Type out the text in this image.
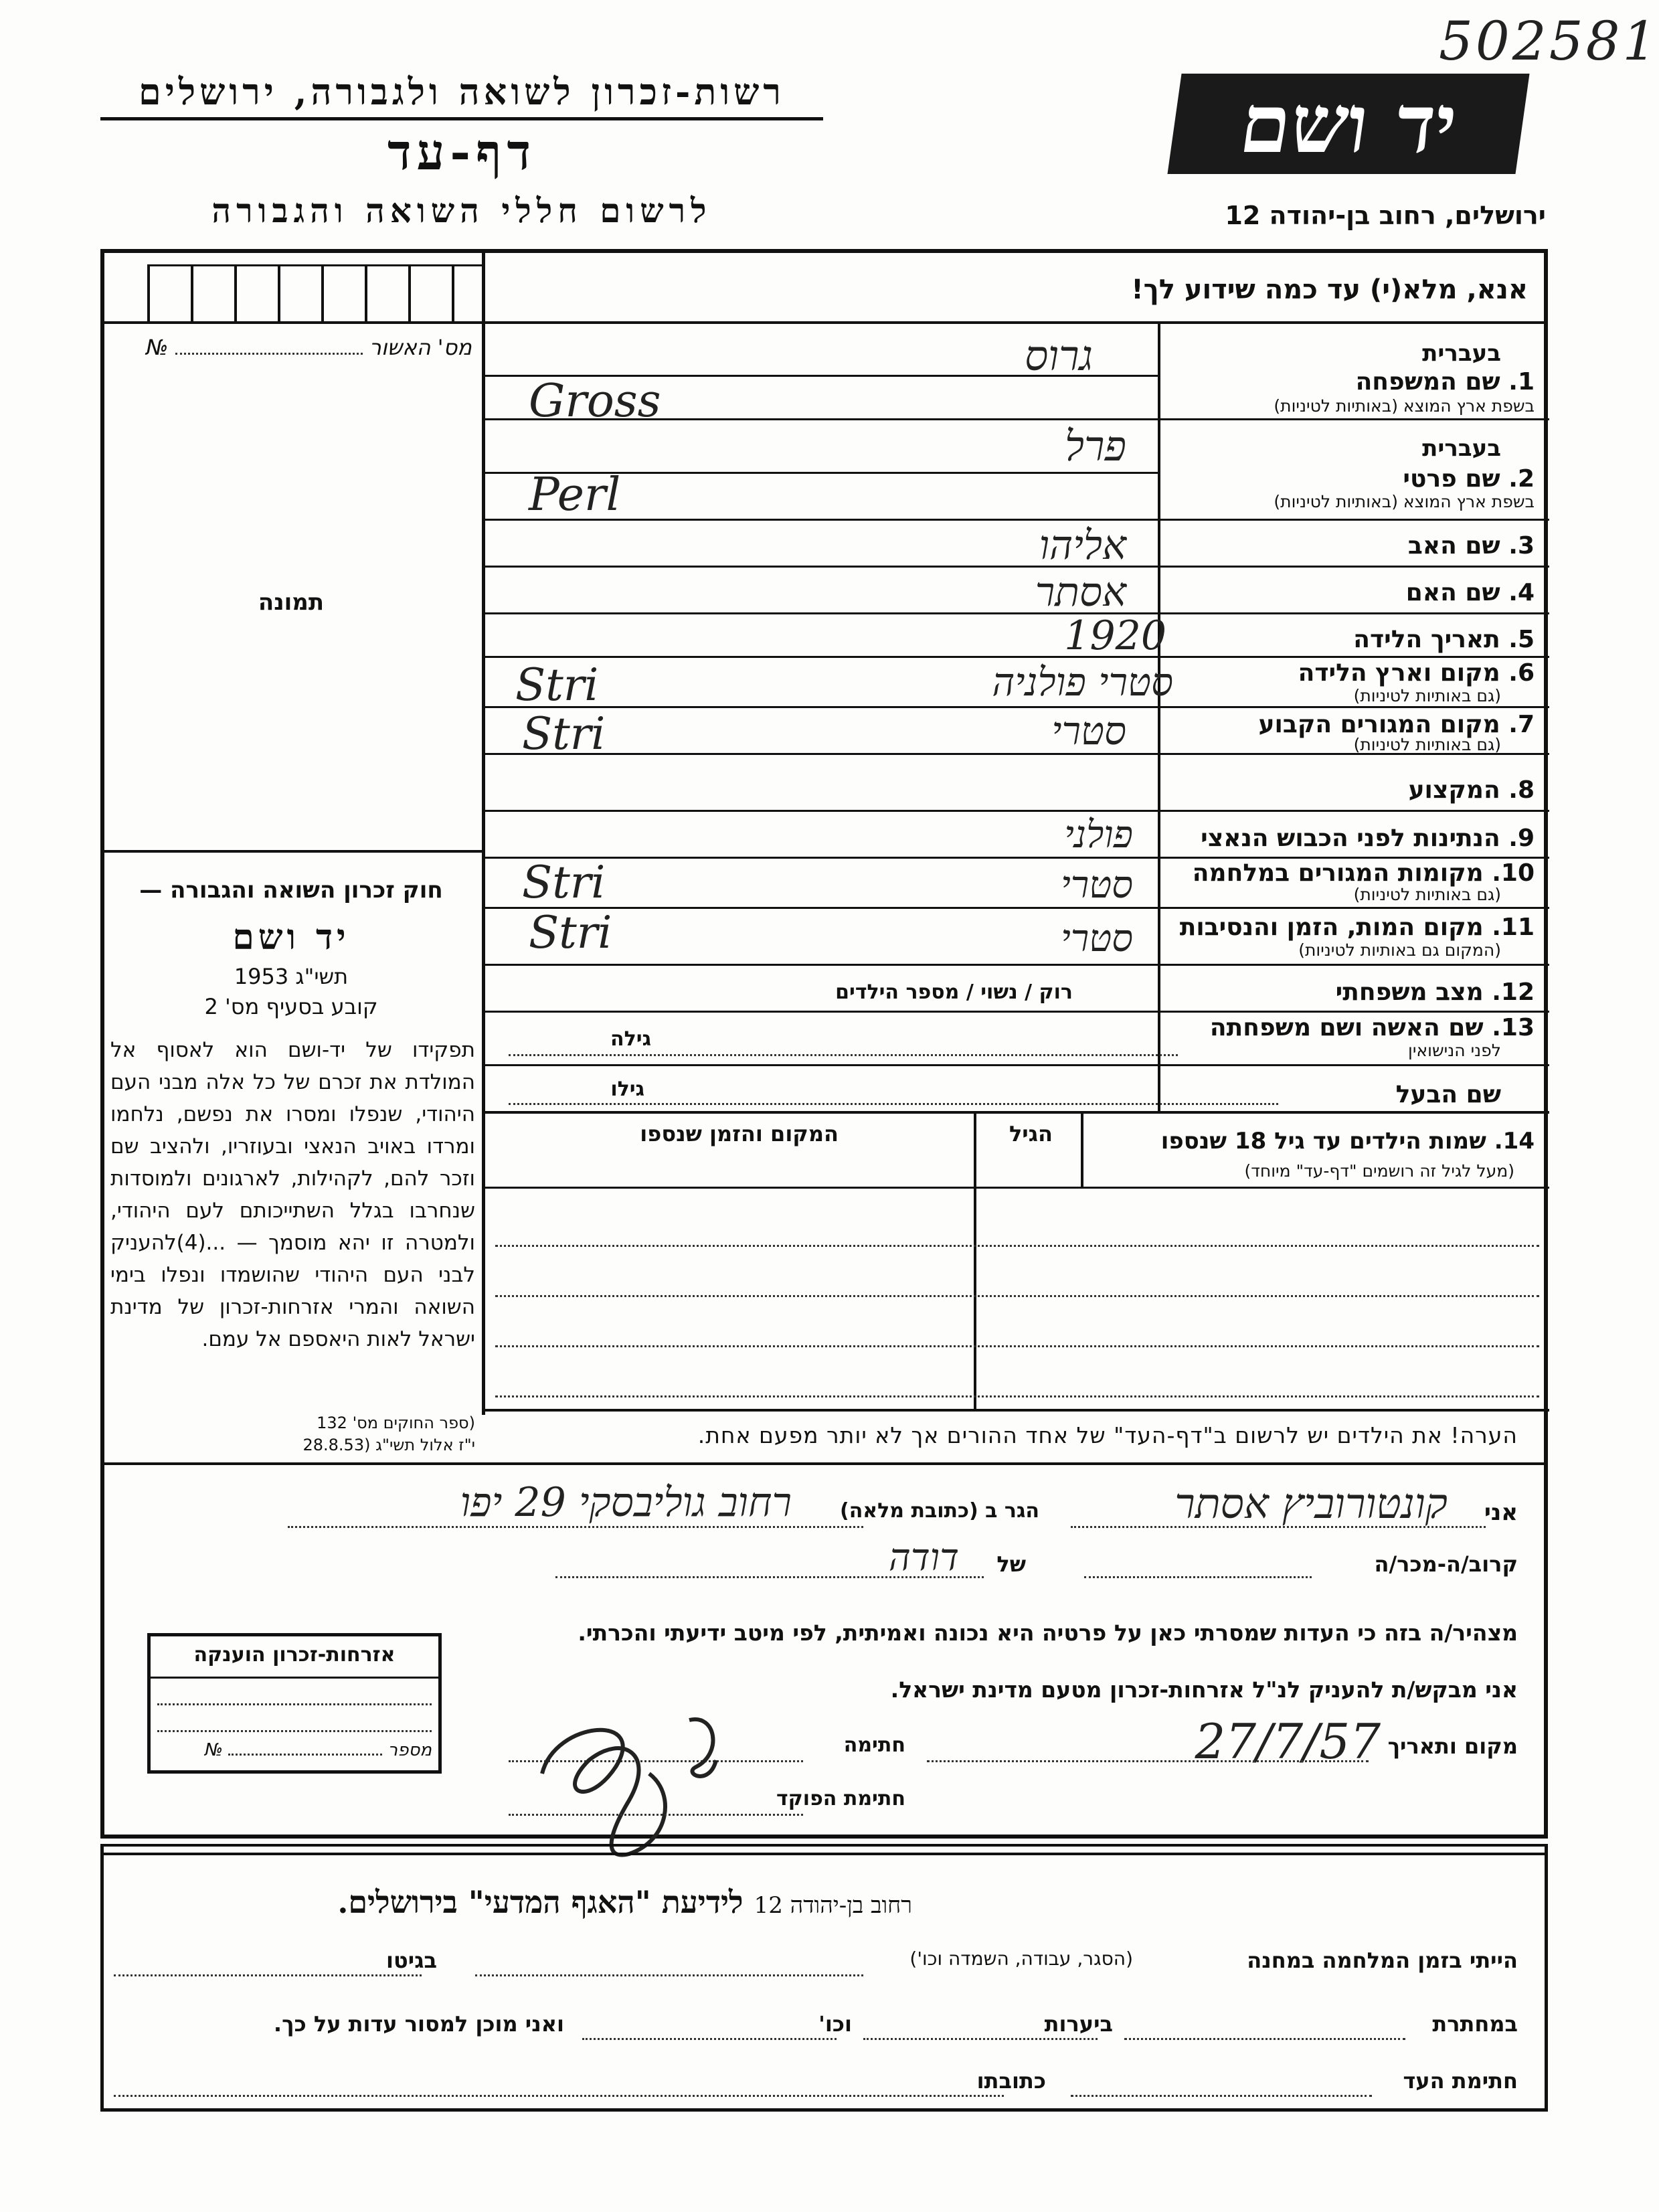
502581
רשות-זכרון לשואה ולגבורה, ירושלים
דף-עד
לרשום חללי השואה והגבורה
יד ושם
ירושלים, רחוב בן-יהודה 12
אנא, מלא(י) עד כמה שידוע לך!
מס' האשור  №
תמונה
חוק זכרון השואה והגבורה —
יד ושם
תשי"ג 1953
קובע בסעיף מס' 2
תפקידו של יד-ושם הוא לאסוף אל המולדת את זכרם של כל אלה מבני העם היהודי, שנפלו ומסרו את נפשם, נלחמו ומרדו באויב הנאצי ובעוזריו, ולהציב שם וזכר להם, לקהילות, לארגונים ולמוסדות שנחרבו בגלל השתייכותם לעם היהודי, ולמטרה זו יהא מוסמך — ...(4)להעניק לבני העם היהודי שהושמדו ונפלו בימי השואה והמרי אזרחות-זכרון של מדינת ישראל לאות היאספם אל עמם.
(ספר החוקים מס' 132
י"ז אלול תשי"ג (28.8.53
בעברית
1. שם המשפחה
בשפת ארץ המוצא (באותיות לטיניות)
בעברית
2. שם פרטי
בשפת ארץ המוצא (באותיות לטיניות)
3. שם האב
4. שם האם
5. תאריך הלידה
6. מקום וארץ הלידה
(גם באותיות לטיניות)
7. מקום המגורים הקבוע
(גם באותיות לטיניות)
8. המקצוע
9. הנתינות לפני הכבוש הנאצי
10. מקומות המגורים במלחמה
(גם באותיות לטיניות)
11. מקום המות, הזמן והנסיבות
(המקום גם באותיות לטיניות)
12. מצב משפחתי
13. שם האשה ושם משפחתה
לפני הנישואין
שם הבעל
גרוס
Gross
פרל
Perl
אליהו
אסתר
1920
סטרי פולניה
Stri
סטרי
Stri
פולני
סטרי
Stri
סטרי
Stri
רוק / נשוי / מספר הילדים
גילה
גילו
14. שמות הילדים עד גיל 18 שנספו
(מעל לגיל זה רושמים "דף-עד" מיוחד)
הגיל
המקום והזמן שנספו
הערה! את הילדים יש לרשום ב"דף-העד" של אחד ההורים אך לא יותר מפעם אחת.
אני
קונטורוביץ אסתר
הגר ב (כתובת מלאה)
רחוב גוליבסקי 29 יפו
קרוב/ה-מכר/ה
של
דודה
מצהיר/ה בזה כי העדות שמסרתי כאן על פרטיה היא נכונה ואמיתית, לפי מיטב ידיעתי והכרתי.
אני מבקש/ת להעניק לנ"ל אזרחות-זכרון מטעם מדינת ישראל.
מקום ותאריך
27/7/57
חתימה
חתימת הפוקד
אזרחות-זכרון הוענקה
מספר  №
רחוב בן-יהודה 12 לידיעת "האגף המדעי" בירושלים.
הייתי בזמן המלחמה במחנה
(הסגר, עבודה, השמדה וכו')
בגיטו
במחתרת
ביערות
וכו'
ואני מוכן למסור עדות על כך.
חתימת העד
כתובתו
